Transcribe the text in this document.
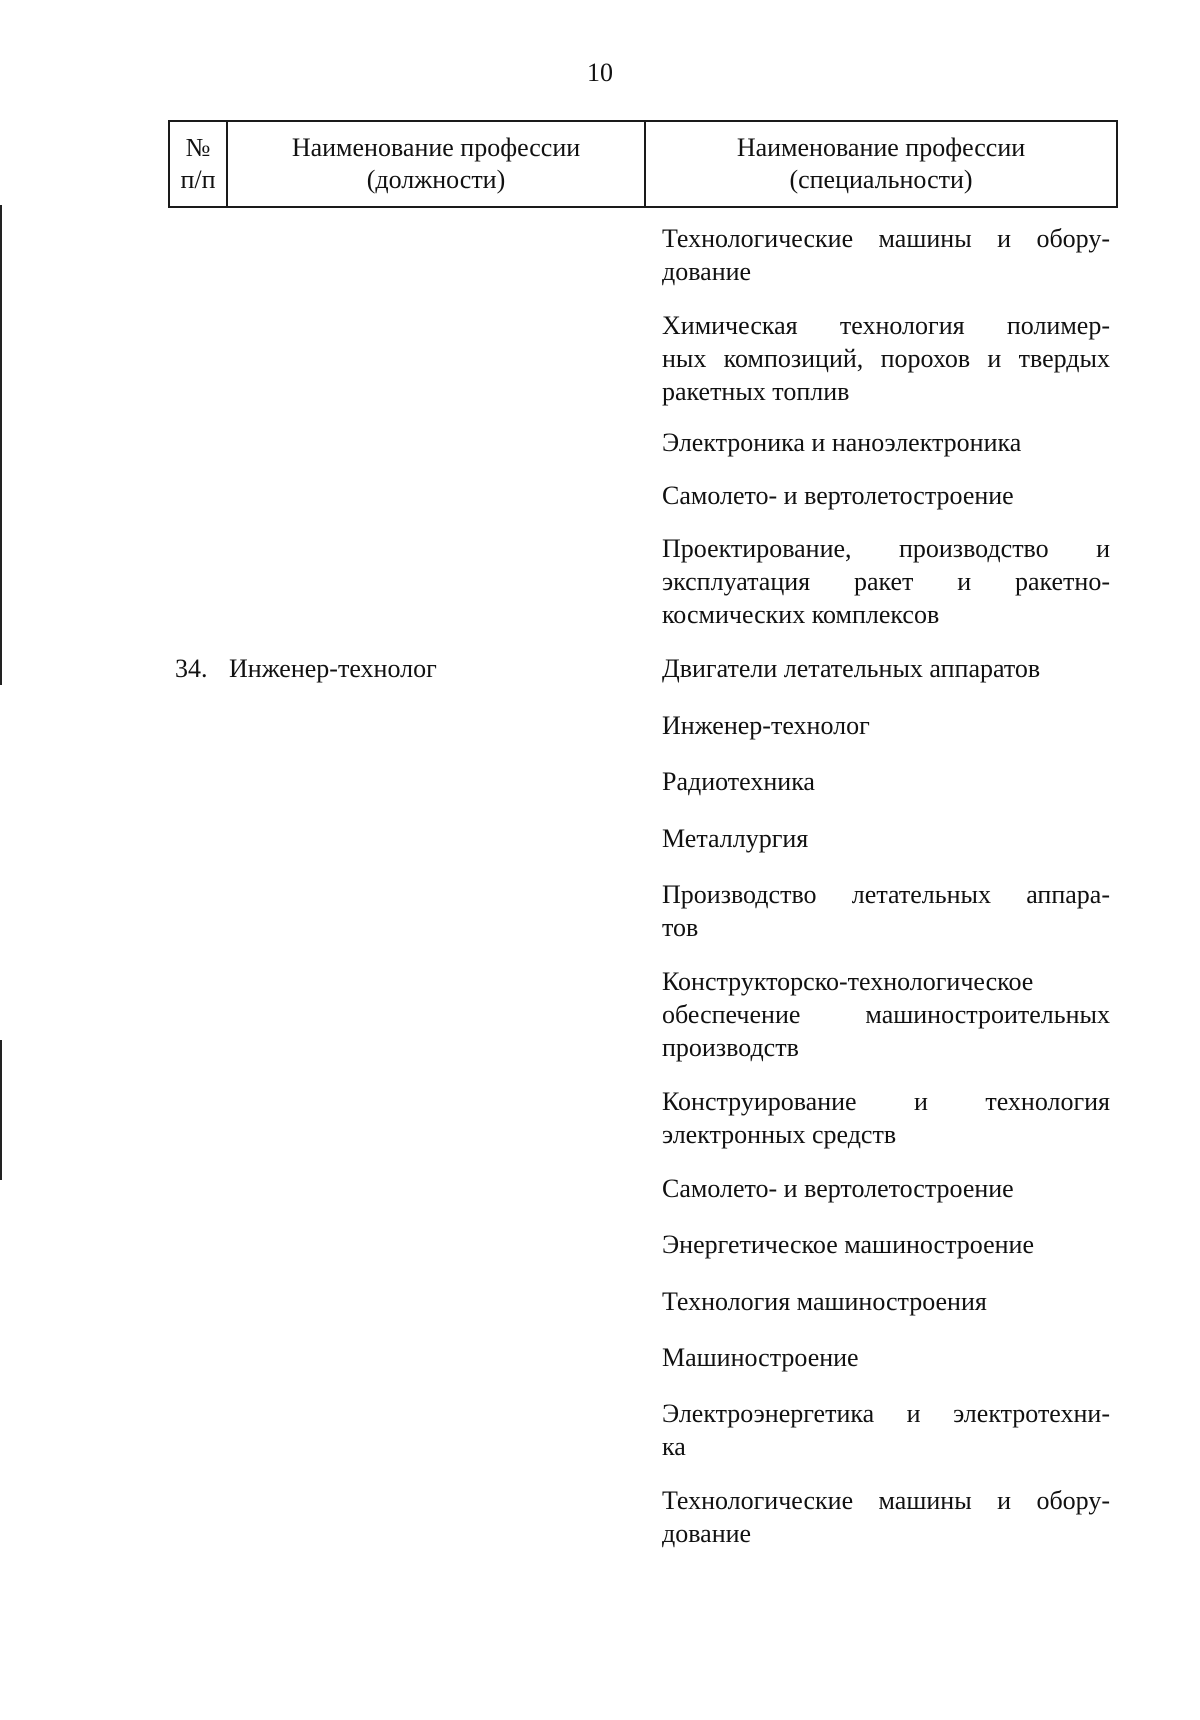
10
№
п/п
Наименование профессии
(должности)
Наименование профессии
(специальности)
34. Инженер-технолог
Технологические машины и обору-
дование
Химическая технология полимер-
ных композиций, порохов и твердых
ракетных топлив
Электроника и наноэлектроника
Самолето- и вертолетостроение
Проектирование, производство и
эксплуатация ракет и ракетно-
космических комплексов
Двигатели летательных аппаратов
Инженер-технолог
Радиотехника
Металлургия
Производство летательных аппара-
тов
Конструкторско-технологическое
обеспечение машиностроительных
производств
Конструирование и технология
электронных средств
Самолето- и вертолетостроение
Энергетическое машиностроение
Технология машиностроения
Машиностроение
Электроэнергетика и электротехни-
ка
Технологические машины и обору-
дование
